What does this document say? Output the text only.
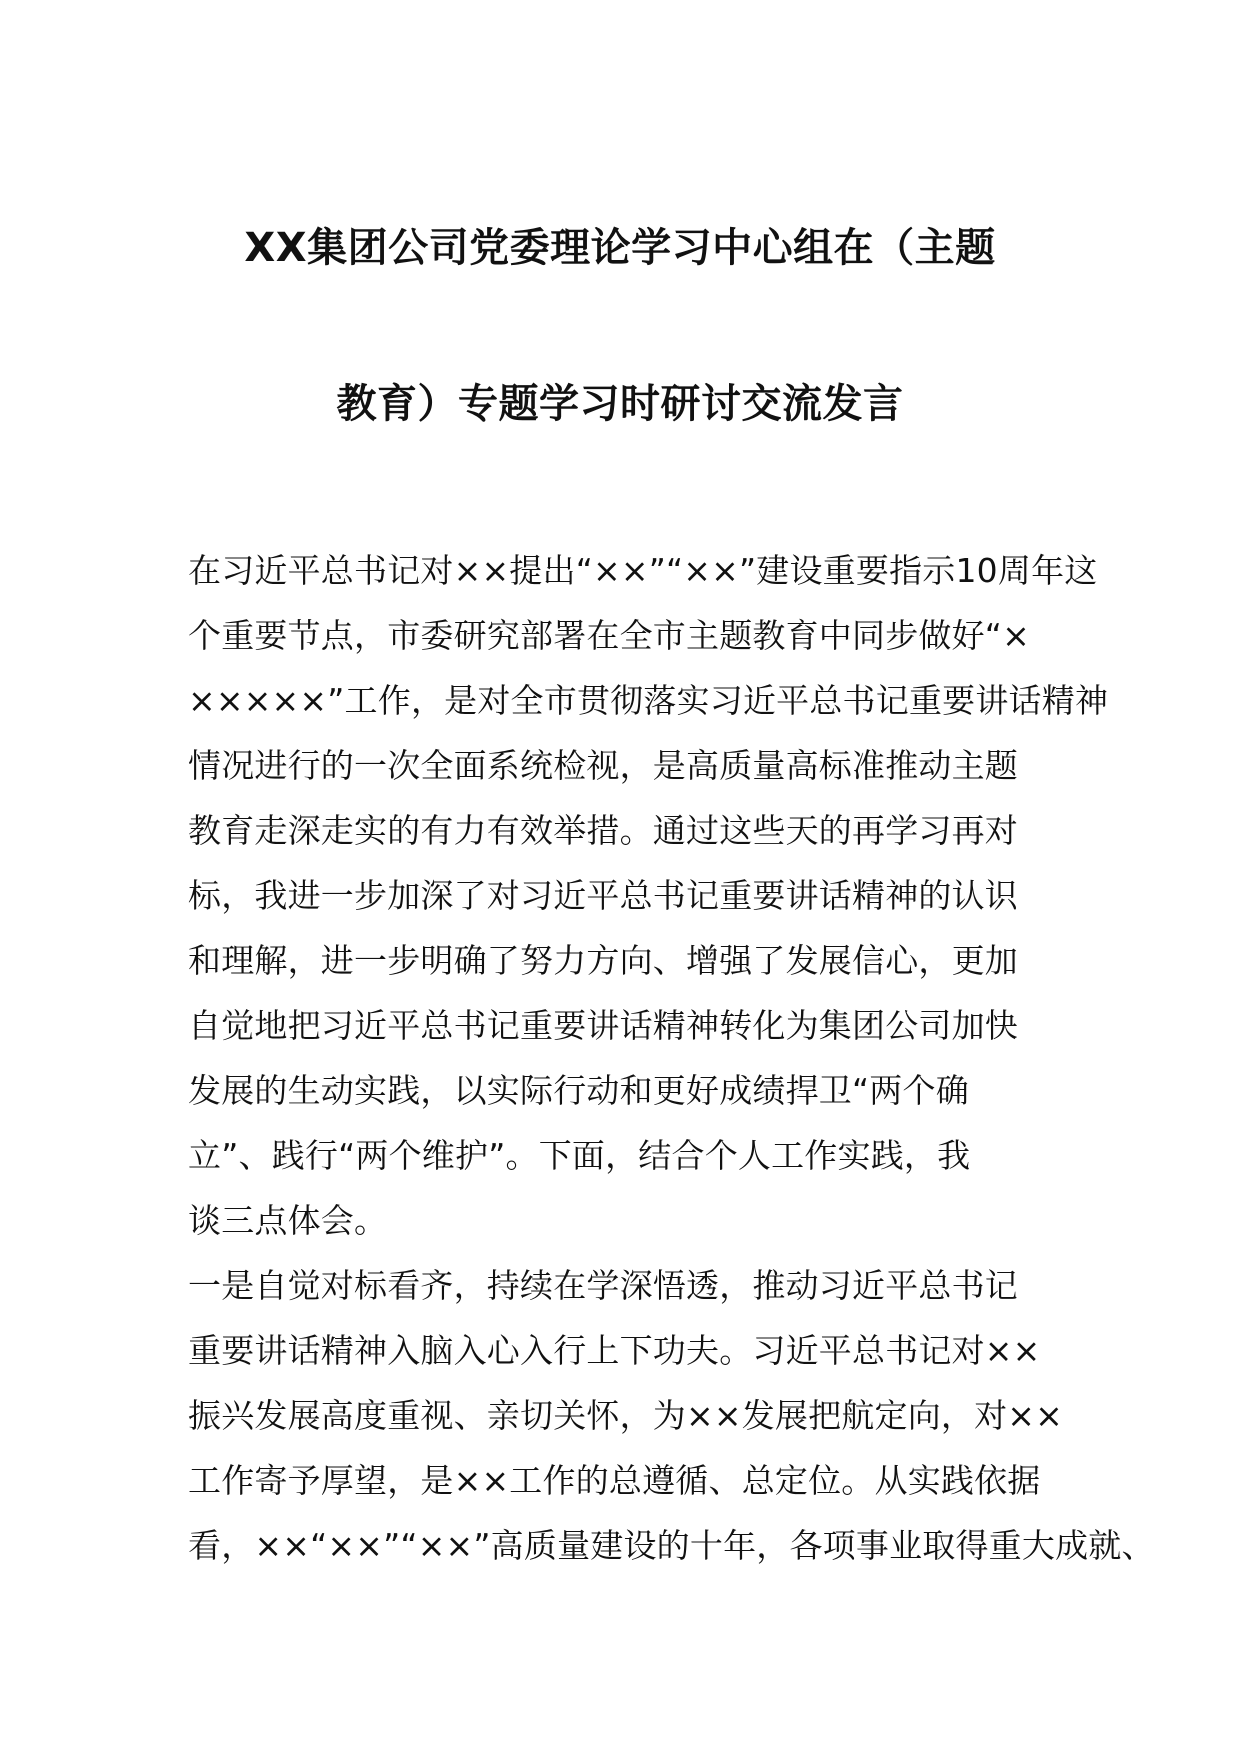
XX集团公司党委理论学习中心组在（主题
教育）专题学习时研讨交流发言
在习近平总书记对××提出“××”“××”建设重要指示10周年这
个重要节点，市委研究部署在全市主题教育中同步做好“×
×××××”工作，是对全市贯彻落实习近平总书记重要讲话精神
情况进行的一次全面系统检视，是高质量高标准推动主题
教育走深走实的有力有效举措。通过这些天的再学习再对
标，我进一步加深了对习近平总书记重要讲话精神的认识
和理解，进一步明确了努力方向、增强了发展信心，更加
自觉地把习近平总书记重要讲话精神转化为集团公司加快
发展的生动实践，以实际行动和更好成绩捍卫“两个确
立”、践行“两个维护”。下面，结合个人工作实践，我
谈三点体会。
一是自觉对标看齐，持续在学深悟透，推动习近平总书记
重要讲话精神入脑入心入行上下功夫。习近平总书记对××
振兴发展高度重视、亲切关怀，为××发展把航定向，对××
工作寄予厚望，是××工作的总遵循、总定位。从实践依据
看，××“××”“××”高质量建设的十年，各项事业取得重大成就、
